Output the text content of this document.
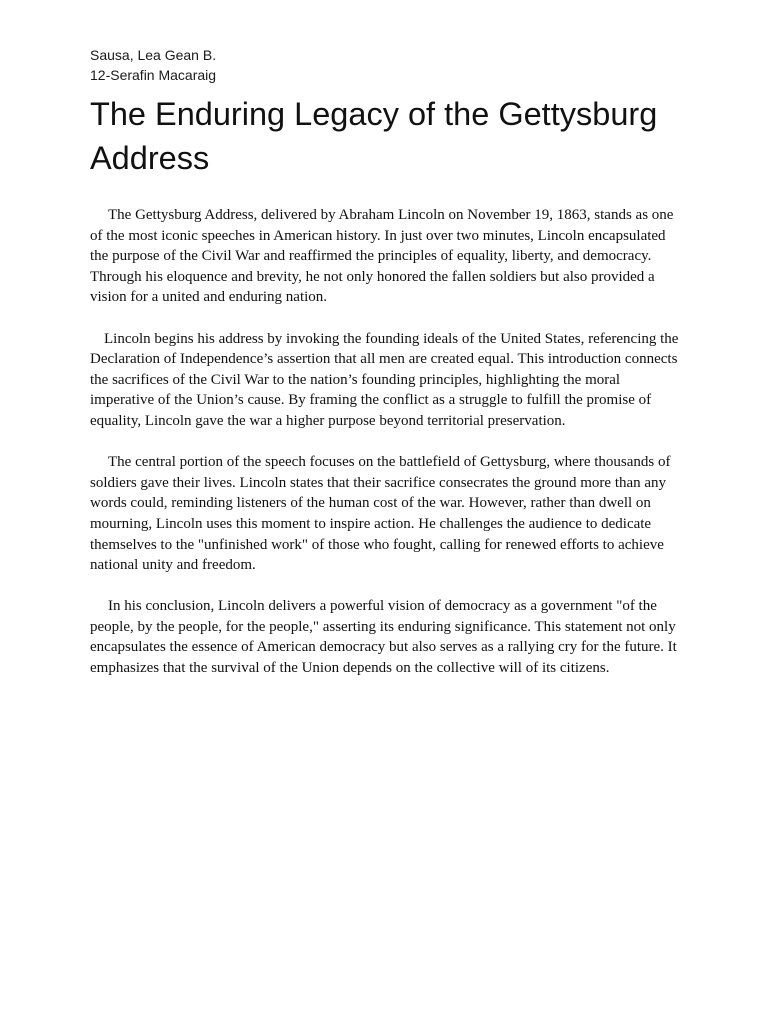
Sausa, Lea Gean B.
12-Serafin Macaraig
The Enduring Legacy of the Gettysburg Address

The Gettysburg Address, delivered by Abraham Lincoln on November 19, 1863, stands as one of the most iconic speeches in American history. In just over two minutes, Lincoln encapsulated the purpose of the Civil War and reaffirmed the principles of equality, liberty, and democracy. Through his eloquence and brevity, he not only honored the fallen soldiers but also provided a vision for a united and enduring nation.

Lincoln begins his address by invoking the founding ideals of the United States, referencing the Declaration of Independence’s assertion that all men are created equal. This introduction connects the sacrifices of the Civil War to the nation’s founding principles, highlighting the moral imperative of the Union’s cause. By framing the conflict as a struggle to fulfill the promise of equality, Lincoln gave the war a higher purpose beyond territorial preservation.

The central portion of the speech focuses on the battlefield of Gettysburg, where thousands of soldiers gave their lives. Lincoln states that their sacrifice consecrates the ground more than any words could, reminding listeners of the human cost of the war. However, rather than dwell on mourning, Lincoln uses this moment to inspire action. He challenges the audience to dedicate themselves to the "unfinished work" of those who fought, calling for renewed efforts to achieve national unity and freedom.

In his conclusion, Lincoln delivers a powerful vision of democracy as a government "of the people, by the people, for the people," asserting its enduring significance. This statement not only encapsulates the essence of American democracy but also serves as a rallying cry for the future. It emphasizes that the survival of the Union depends on the collective will of its citizens.
